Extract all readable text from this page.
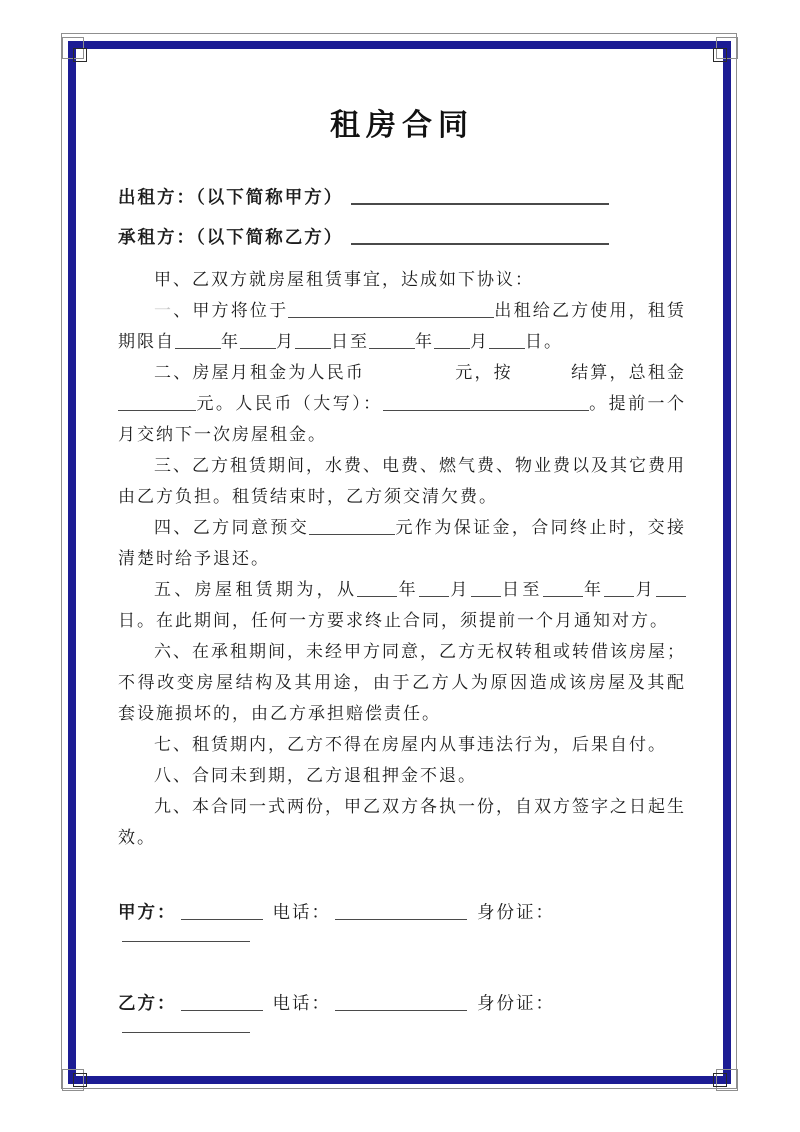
租房合同
出租方：（以下简称甲方）
承租方：（以下简称乙方）

甲、乙双方就房屋租赁事宜，达成如下协议：

一、甲方将位于	出租给乙方使用，租赁期限自	年 月 日至	年 月 日。

二、房屋月租金为人民币	元，按	结算，总租金元。人民币（大写）：	。提前一个月交纳下一次房屋租金。

三、乙方租赁期间，水费、电费、燃气费、物业费以及其它费用由乙方负担。租赁结束时，乙方须交清欠费。

四、乙方同意预交	元作为保证金，合同终止时，交接清楚时给予退还。

五、房屋租赁期为，从 年 月 日至 年 月日。在此期间，任何一方要求终止合同，须提前一个月通知对方。

六、在承租期间，未经甲方同意，乙方无权转租或转借该房屋；不得改变房屋结构及其用途，由于乙方人为原因造成该房屋及其配套设施损坏的，由乙方承担赔偿责任。

七、租赁期内，乙方不得在房屋内从事违法行为，后果自付。

八、合同未到期，乙方退租押金不退。

九、本合同一式两份，甲乙双方各执一份，自双方签字之日起生效。

甲方：	电话：	身份证：
乙方：	电话：	身份证：
